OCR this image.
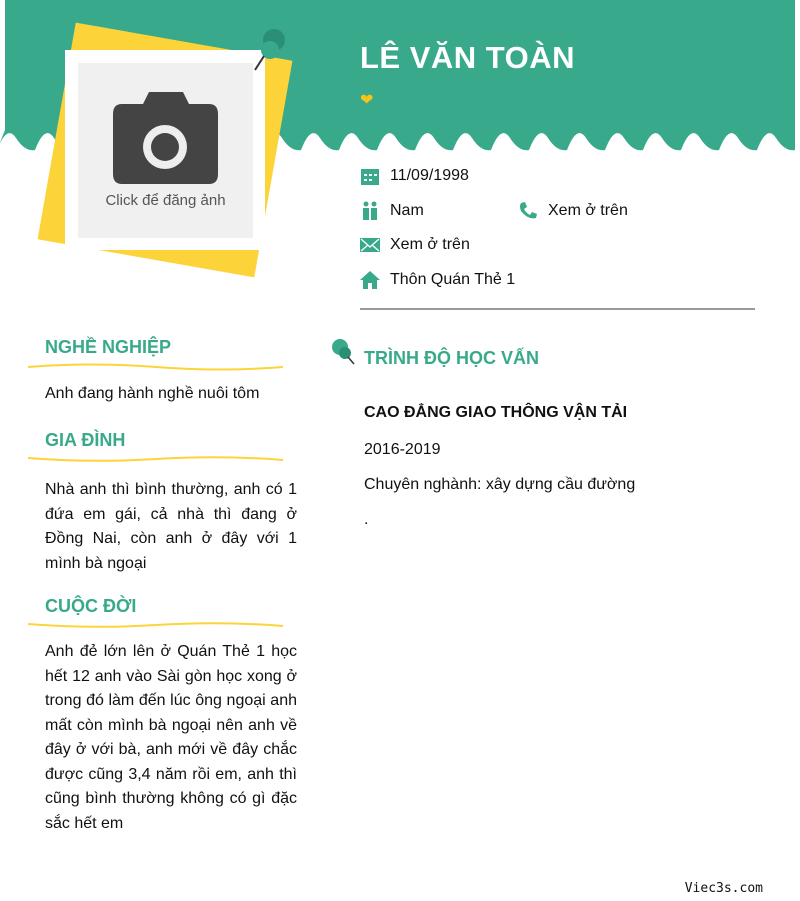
Click để đăng ảnh
LÊ VĂN TOÀN
❤
11/09/1998
Nam	Xem ở trên
Xem ở trên
Thôn Quán Thẻ 1
NGHỀ NGHIỆP
Anh đang hành nghề nuôi tôm
GIA ĐÌNH
Nhà anh thì bình thường, anh có 1 đứa em gái, cả nhà thì đang ở Đồng Nai, còn anh ở đây với 1 mình bà ngoại
CUỘC ĐỜI
Anh đẻ lớn lên ở Quán Thẻ 1 học hết 12 anh vào Sài gòn học xong ở trong đó làm đến lúc ông ngoại anh mất còn mình bà ngoại nên anh về đây ở với bà, anh mới về đây chắc được cũng 3,4 năm rồi em, anh thì cũng bình thường không có gì đặc sắc hết em
TRÌNH ĐỘ HỌC VẤN
CAO ĐẲNG GIAO THÔNG VẬN TẢI
2016-2019
Chuyên nghành: xây dựng cầu đường
.
Viec3s.com
